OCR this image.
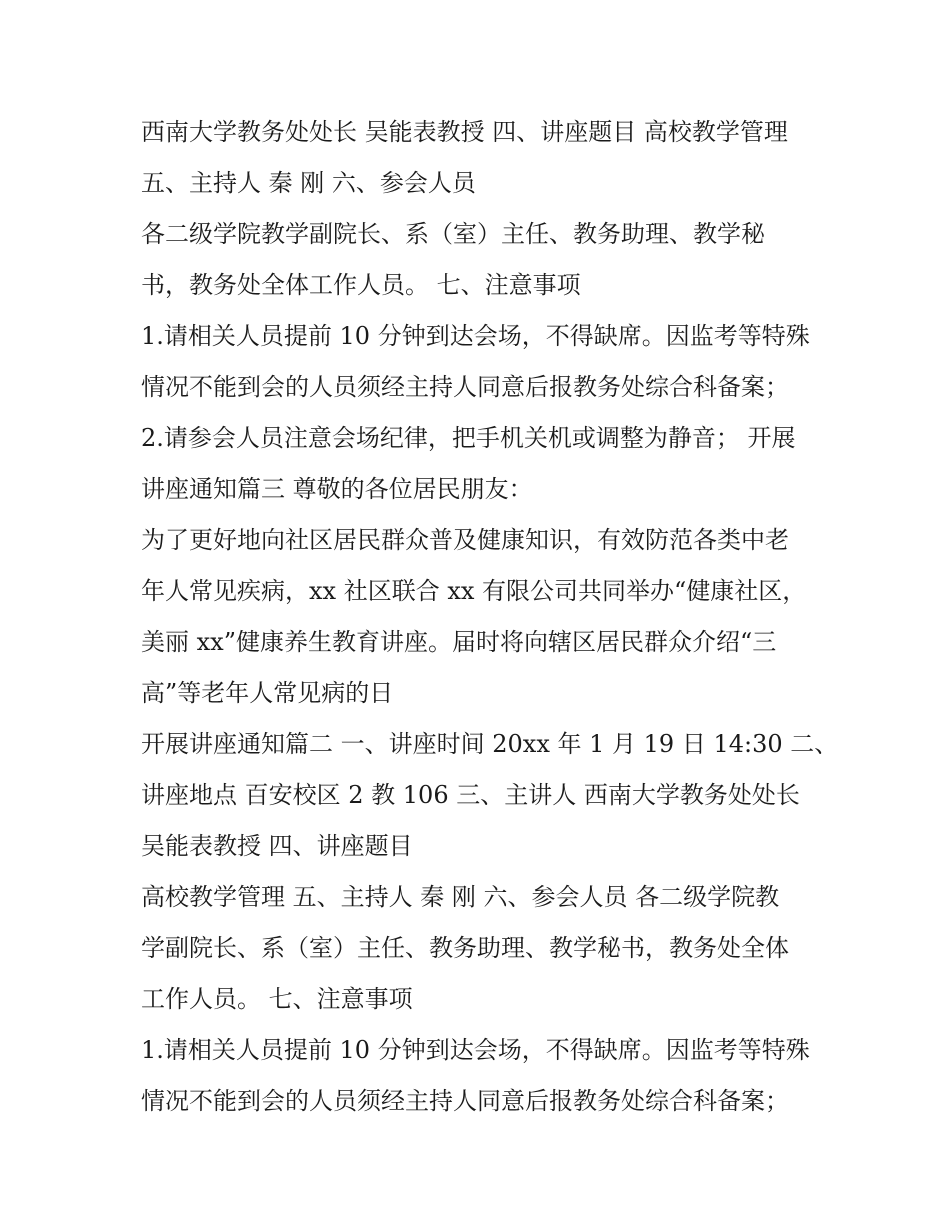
西南大学教务处处长 吴能表教授 四、讲座题目 高校教学管理
五、主持人 秦 刚 六、参会人员
各二级学院教学副院长、系（室）主任、教务助理、教学秘
书，教务处全体工作人员。 七、注意事项
1.请相关人员提前 10 分钟到达会场，不得缺席。因监考等特殊
情况不能到会的人员须经主持人同意后报教务处综合科备案；
2.请参会人员注意会场纪律，把手机关机或调整为静音； 开展
讲座通知篇三 尊敬的各位居民朋友：
为了更好地向社区居民群众普及健康知识，有效防范各类中老
年人常见疾病，xx 社区联合 xx 有限公司共同举办“健康社区，
美丽 xx”健康养生教育讲座。届时将向辖区居民群众介绍“三
高”等老年人常见病的日
开展讲座通知篇二 一、讲座时间 20xx 年 1 月 19 日 14:30 二、
讲座地点 百安校区 2 教 106 三、主讲人 西南大学教务处处长
吴能表教授 四、讲座题目
高校教学管理 五、主持人 秦 刚 六、参会人员 各二级学院教
学副院长、系（室）主任、教务助理、教学秘书，教务处全体
工作人员。 七、注意事项
1.请相关人员提前 10 分钟到达会场，不得缺席。因监考等特殊
情况不能到会的人员须经主持人同意后报教务处综合科备案；
